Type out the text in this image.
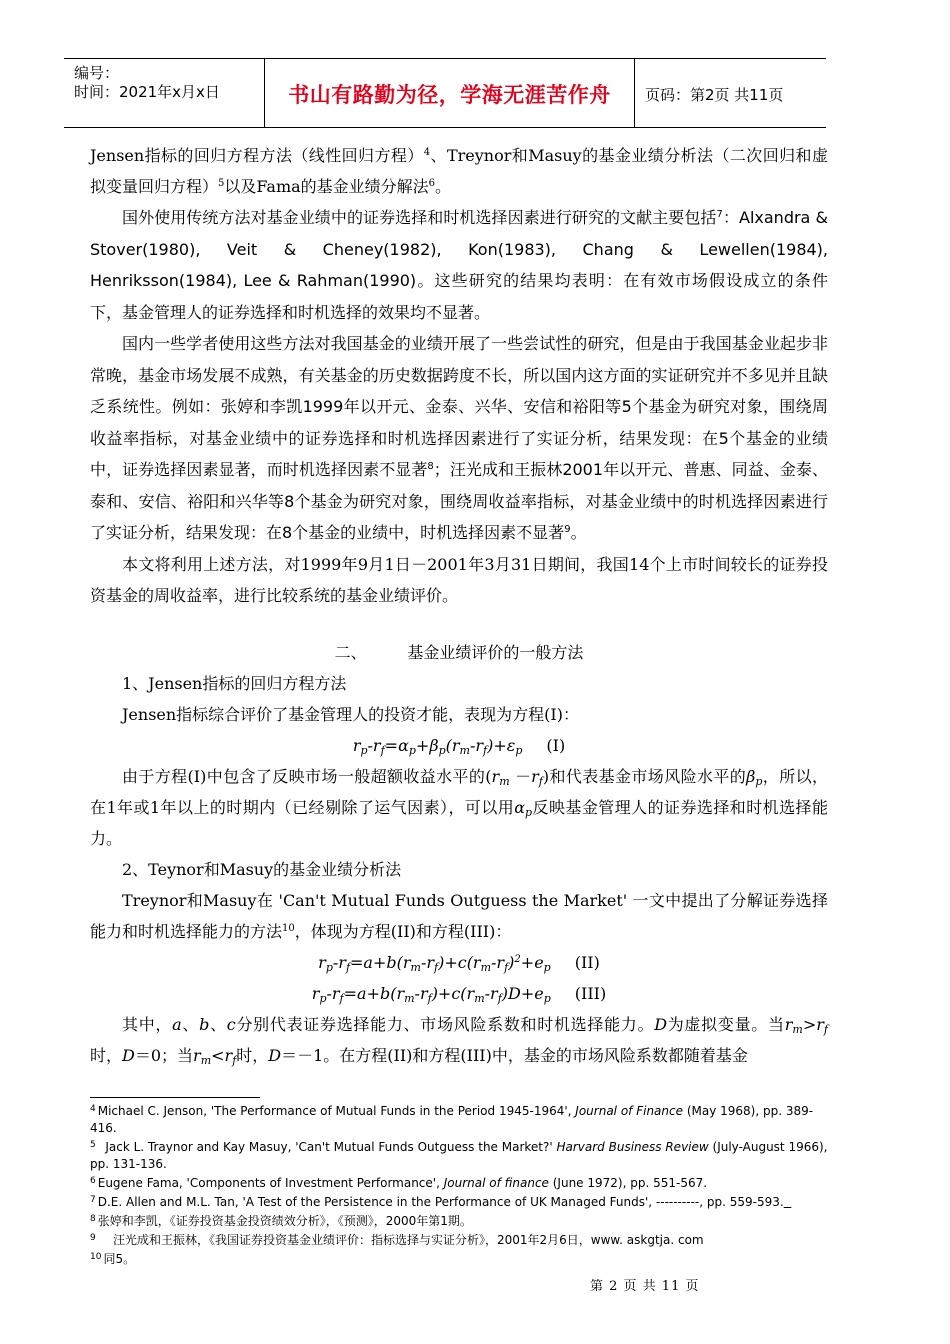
编号：
时间：2021年x月x日	书山有路勤为径，学海无涯苦作舟	页码：第2页 共11页

Jensen指标的回归方程方法（线性回归方程）$^4$、Treynor和Masuy的基金业绩分析法（二次回归和虚拟变量回归方程）$^5$以及Fama的基金业绩分解法$^6$。

国外使用传统方法对基金业绩中的证券选择和时机选择因素进行研究的文献主要包括$^7$：Alxandra & Stover(1980), Veit & Cheney(1982), Kon(1983), Chang & Lewellen(1984), Henriksson(1984), Lee & Rahman(1990)。这些研究的结果均表明：在有效市场假设成立的条件下，基金管理人的证券选择和时机选择的效果均不显著。

国内一些学者使用这些方法对我国基金的业绩开展了一些尝试性的研究，但是由于我国基金业起步非常晚，基金市场发展不成熟，有关基金的历史数据跨度不长，所以国内这方面的实证研究并不多见并且缺乏系统性。例如：张婷和李凯1999年以开元、金泰、兴华、安信和裕阳等5个基金为研究对象，围绕周收益率指标，对基金业绩中的证券选择和时机选择因素进行了实证分析，结果发现：在5个基金的业绩中，证券选择因素显著，而时机选择因素不显著$^8$；汪光成和王振林2001年以开元、普惠、同益、金泰、泰和、安信、裕阳和兴华等8个基金为研究对象，围绕周收益率指标，对基金业绩中的时机选择因素进行了实证分析，结果发现：在8个基金的业绩中，时机选择因素不显著$^9$。

本文将利用上述方法，对1999年9月1日－2001年3月31日期间，我国14个上市时间较长的证券投资基金的周收益率，进行比较系统的基金业绩评价。

二、        基金业绩评价的一般方法

1、Jensen指标的回归方程方法

Jensen指标综合评价了基金管理人的投资才能，表现为方程(I)：

$r_p-r_f=\alpha_p+\beta_p(r_m-r_f)+\varepsilon_p$ (I)

由于方程(I)中包含了反映市场一般超额收益水平的$(r_m -r_f)$和代表基金市场风险水平的$\beta_p$，所以，在1年或1年以上的时期内（已经剔除了运气因素），可以用$\alpha_p$反映基金管理人的证券选择和时机选择能力。

2、Teynor和Masuy的基金业绩分析法

Treynor和Masuy在 'Can't Mutual Funds Outguess the Market' 一文中提出了分解证券选择能力和时机选择能力的方法$^{10}$，体现为方程(II)和方程(III)：

$r_p-r_f=a+b(r_m-r_f)+c(r_m-r_f)^2+e_p$ (II)
$r_p-r_f=a+b(r_m-r_f)+c(r_m-r_f)D+e_p$ (III)

其中，a、b、c分别代表证券选择能力、市场风险系数和时机选择能力。D为虚拟变量。当$r_m>r_f$时，D＝0；当$r_m<r_f$时，D＝－1。在方程(II)和方程(III)中，基金的市场风险系数都随着基金

$^4$ Michael C. Jenson, 'The Performance of Mutual Funds in the Period 1945-1964', Journal of Finance (May 1968), pp. 389-416.

$^5$  Jack L. Traynor and Kay Masuy, 'Can't Mutual Funds Outguess the Market?' Harvard Business Review (July-August 1966), pp. 131-136.

$^6$ Eugene Fama, 'Components of Investment Performance', Journal of finance (June 1972), pp. 551-567.

$^7$ D.E. Allen and M.L. Tan, 'A Test of the Persistence in the Performance of UK Managed Funds', ----------, pp. 559-593.

$^8$ 张婷和李凯，《证券投资基金投资绩效分析》，《预测》，2000年第1期。

$^9$    汪光成和王振林，《我国证券投资基金业绩评价：指标选择与实证分析》，2001年2月6日，www. askgtja. com

$^{10}$ 同5。

第 2 页 共 11 页
